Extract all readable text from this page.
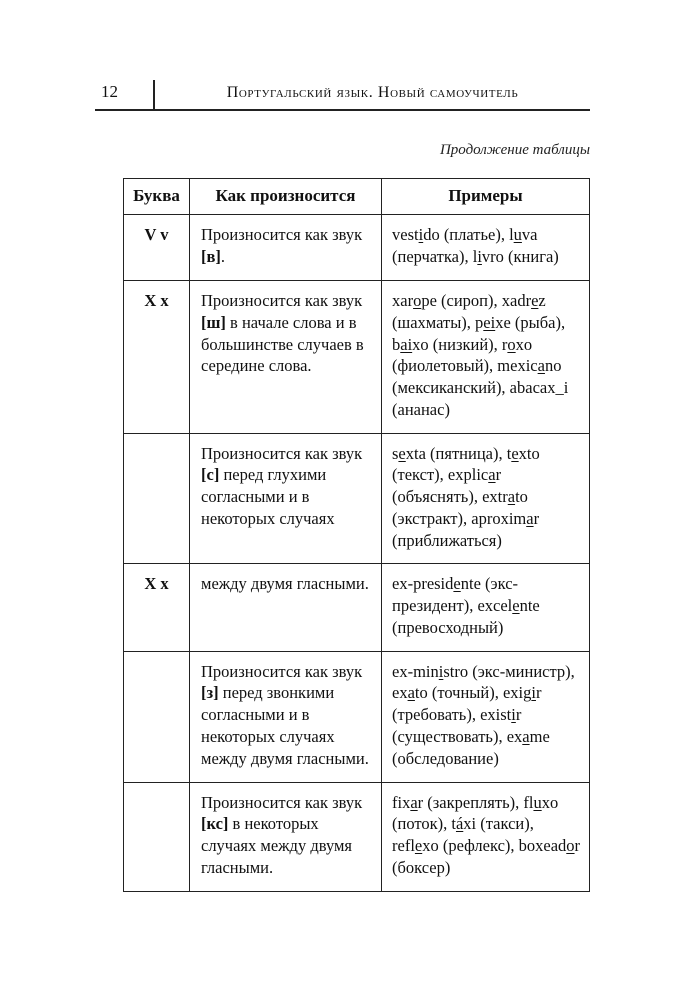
12	Португальский язык. Новый самоучитель
Продолжение таблицы
Буква	Как произносится	Примеры
V v	Произносится как звук [в].	vestido (платье), luva (перчатка), livro (книга)
X x	Произносится как звук [ш] в начале слова и в большинстве случаев в середине слова.	xarope (сироп), xadrez (шахматы), peixe (рыба), baixo (низкий), roxo (фиолетовый), mexicano (мексиканский), abacax_i (ананас)
	Произносится как звук [с] перед глухими согласными и в некоторых случаях	sexta (пятница), texto (текст), explicar (объяснять), extrato (экстракт), aproximar (приближаться)
X x	между двумя гласными.	ex-presidente (экс-президент), excelente (превосходный)
	Произносится как звук [з] перед звонкими согласными и в некоторых случаях между двумя гласными.	ex-ministro (экс-министр), exato (точный), exigir (требовать), existir (существовать), exame (обследование)
	Произносится как звук [кс] в некоторых случаях между двумя гласными.	fixar (закреплять), fluxo (поток), táxi (такси), reflexo (рефлекс), boxeador (боксер)
